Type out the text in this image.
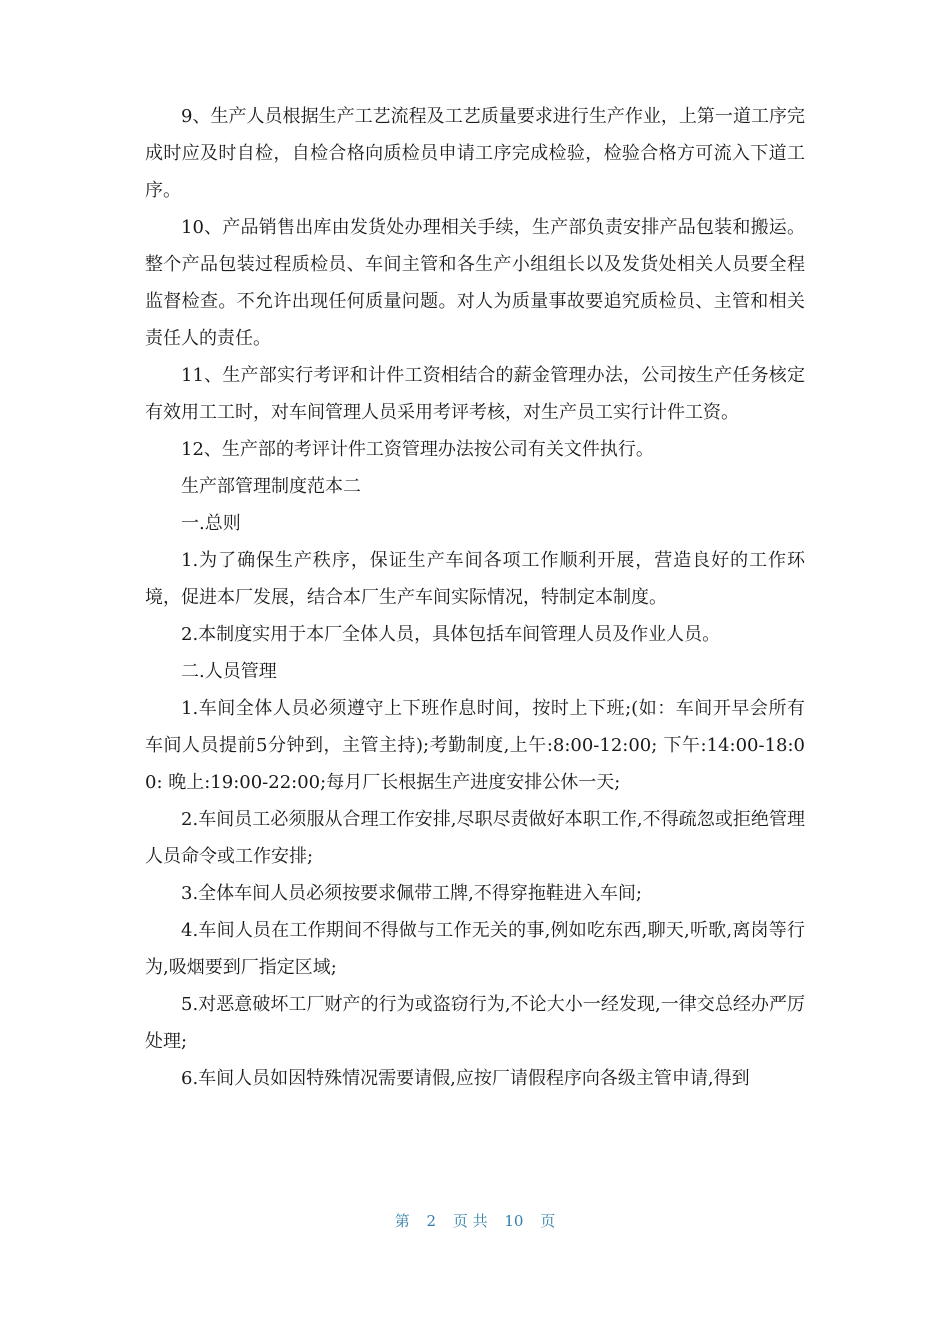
9、生产人员根据生产工艺流程及工艺质量要求进行生产作业，上第一道工序完成时应及时自检，自检合格向质检员申请工序完成检验，检验合格方可流入下道工序。

10、产品销售出库由发货处办理相关手续，生产部负责安排产品包装和搬运。整个产品包装过程质检员、车间主管和各生产小组组长以及发货处相关人员要全程监督检查。不允许出现任何质量问题。对人为质量事故要追究质检员、主管和相关责任人的责任。

11、生产部实行考评和计件工资相结合的薪金管理办法，公司按生产任务核定有效用工工时，对车间管理人员采用考评考核，对生产员工实行计件工资。

12、生产部的考评计件工资管理办法按公司有关文件执行。

生产部管理制度范本二

一.总则

1.为了确保生产秩序，保证生产车间各项工作顺利开展，营造良好的工作环境，促进本厂发展，结合本厂生产车间实际情况，特制定本制度。

2.本制度实用于本厂全体人员，具体包括车间管理人员及作业人员。

二.人员管理

1.车间全体人员必须遵守上下班作息时间，按时上下班;(如：车间开早会所有车间人员提前5分钟到，主管主持);考勤制度,上午:8:00-12:00; 下午:14:00-18:00: 晚上:19:00-22:00;每月厂长根据生产进度安排公休一天;

2.车间员工必须服从合理工作安排,尽职尽责做好本职工作,不得疏忽或拒绝管理人员命令或工作安排;

3.全体车间人员必须按要求佩带工牌,不得穿拖鞋进入车间;

4.车间人员在工作期间不得做与工作无关的事,例如吃东西,聊天,听歌,离岗等行为,吸烟要到厂指定区域;

5.对恶意破坏工厂财产的行为或盗窃行为,不论大小一经发现,一律交总经办严厉处理;

6.车间人员如因特殊情况需要请假,应按厂请假程序向各级主管申请,得到

第 2 页 共 10 页
